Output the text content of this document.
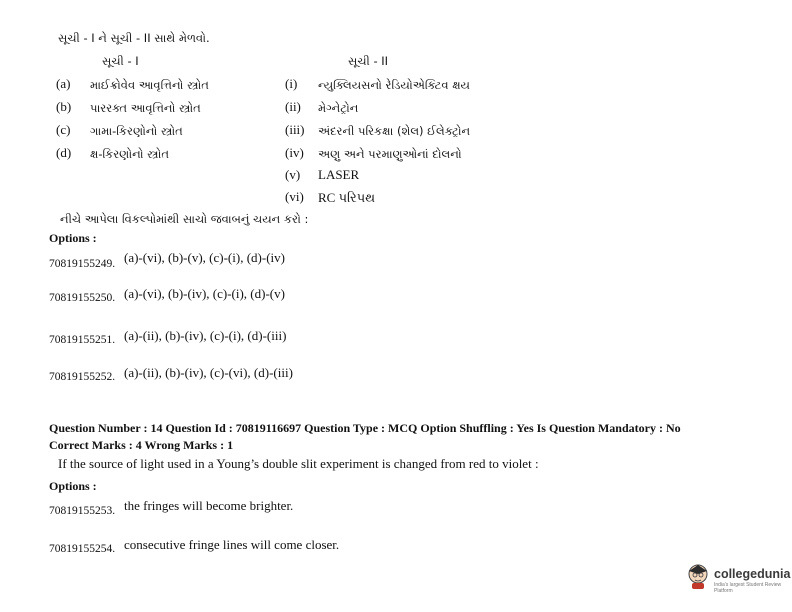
સૂચી - I ને સૂચી - II સાથે મેળવો.
સૂચી - I	સૂચી - II
(a) માઈક્રોવેવ આવૃત્તિનો સ્ત્રોત
(b) પારરક્ત આવૃત્તિનો સ્ત્રોત
(c) ગામા-કિરણોનો સ્ત્રોત
(d) ક્ષ-કિરણોનો સ્ત્રોત
(i) ન્યુક્લિયસનો રેડિયોએક્ટિવ ક્ષય
(ii) મેગ્નેટ્રોન
(iii) અંદરની પરિકક્ષા (શેલ) ઈલેક્ટ્રોન
(iv) અણુ અને પરમાણુઓનાં દોલનો
(v) LASER
(vi) RC પરિપથ
નીચે આપેલા વિકલ્પોમાંથી સાચો જવાબનું ચયન કરો :
Options :
70819155249. (a)-(vi), (b)-(v), (c)-(i), (d)-(iv)
70819155250. (a)-(vi), (b)-(iv), (c)-(i), (d)-(v)
70819155251. (a)-(ii), (b)-(iv), (c)-(i), (d)-(iii)
70819155252. (a)-(ii), (b)-(iv), (c)-(vi), (d)-(iii)
Question Number : 14 Question Id : 70819116697 Question Type : MCQ Option Shuffling : Yes Is Question Mandatory : No
Correct Marks : 4 Wrong Marks : 1
If the source of light used in a Young’s double slit experiment is changed from red to violet :
Options :
70819155253. the fringes will become brighter.
70819155254. consecutive fringe lines will come closer.
collegedunia
India's largest Student Review Platform
